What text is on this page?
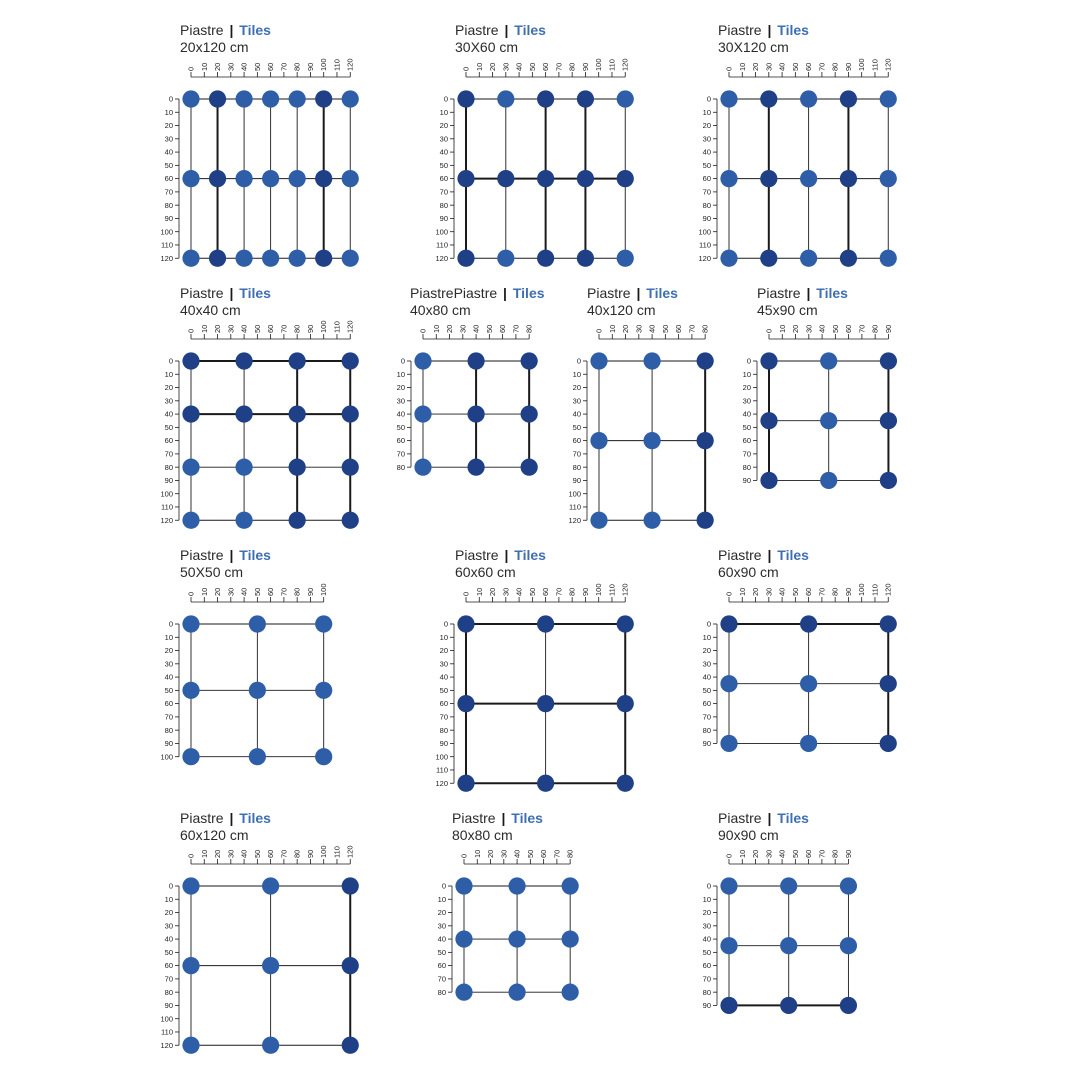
Piastre | Tiles
20x120 cm
0 10 20 30 40 50 60 70 80 90 100 110 120
0
10
20
30
40
50
60
70
80
90
100
110
120
Piastre | Tiles
30X60 cm
0 10 20 30 40 50 60 70 80 90 100 110 120
0
10
20
30
40
50
60
70
80
90
100
110
120
Piastre | Tiles
30X120 cm
0 10 20 30 40 50 60 70 80 90 100 110 120
0
10
20
30
40
50
60
70
80
90
100
110
120
Piastre | Tiles
40x40 cm
0 10 20 30 40 50 60 70 80 90 100 110 120
0
10
20
30
40
50
60
70
80
90
100
110
120
PiastrePiastre | Tiles
40x80 cm
0 10 20 30 40 50 60 70 80
0
10
20
30
40
50
60
70
80
Piastre | Tiles
40x120 cm
0 10 20 30 40 50 60 70 80
0
10
20
30
40
50
60
70
80
90
100
110
120
Piastre | Tiles
45x90 cm
0 10 20 30 40 50 60 70 80 90
0
10
20
30
40
50
60
70
80
90
Piastre | Tiles
50X50 cm
0 10 20 30 40 50 60 70 80 90 100
0
10
20
30
40
50
60
70
80
90
100
Piastre | Tiles
60x60 cm
0 10 20 30 40 50 60 70 80 90 100 110 120
0
10
20
30
40
50
60
70
80
90
100
110
120
Piastre | Tiles
60x90 cm
0 10 20 30 40 50 60 70 80 90 100 110 120
0
10
20
30
40
50
60
70
80
90
Piastre | Tiles
60x120 cm
0 10 20 30 40 50 60 70 80 90 100 110 120
0
10
20
30
40
50
60
70
80
90
100
110
120
Piastre | Tiles
80x80 cm
0 10 20 30 40 50 60 70 80
0
10
20
30
40
50
60
70
80
Piastre | Tiles
90x90 cm
0 10 20 30 40 50 60 70 80 90
0
10
20
30
40
50
60
70
80
90
